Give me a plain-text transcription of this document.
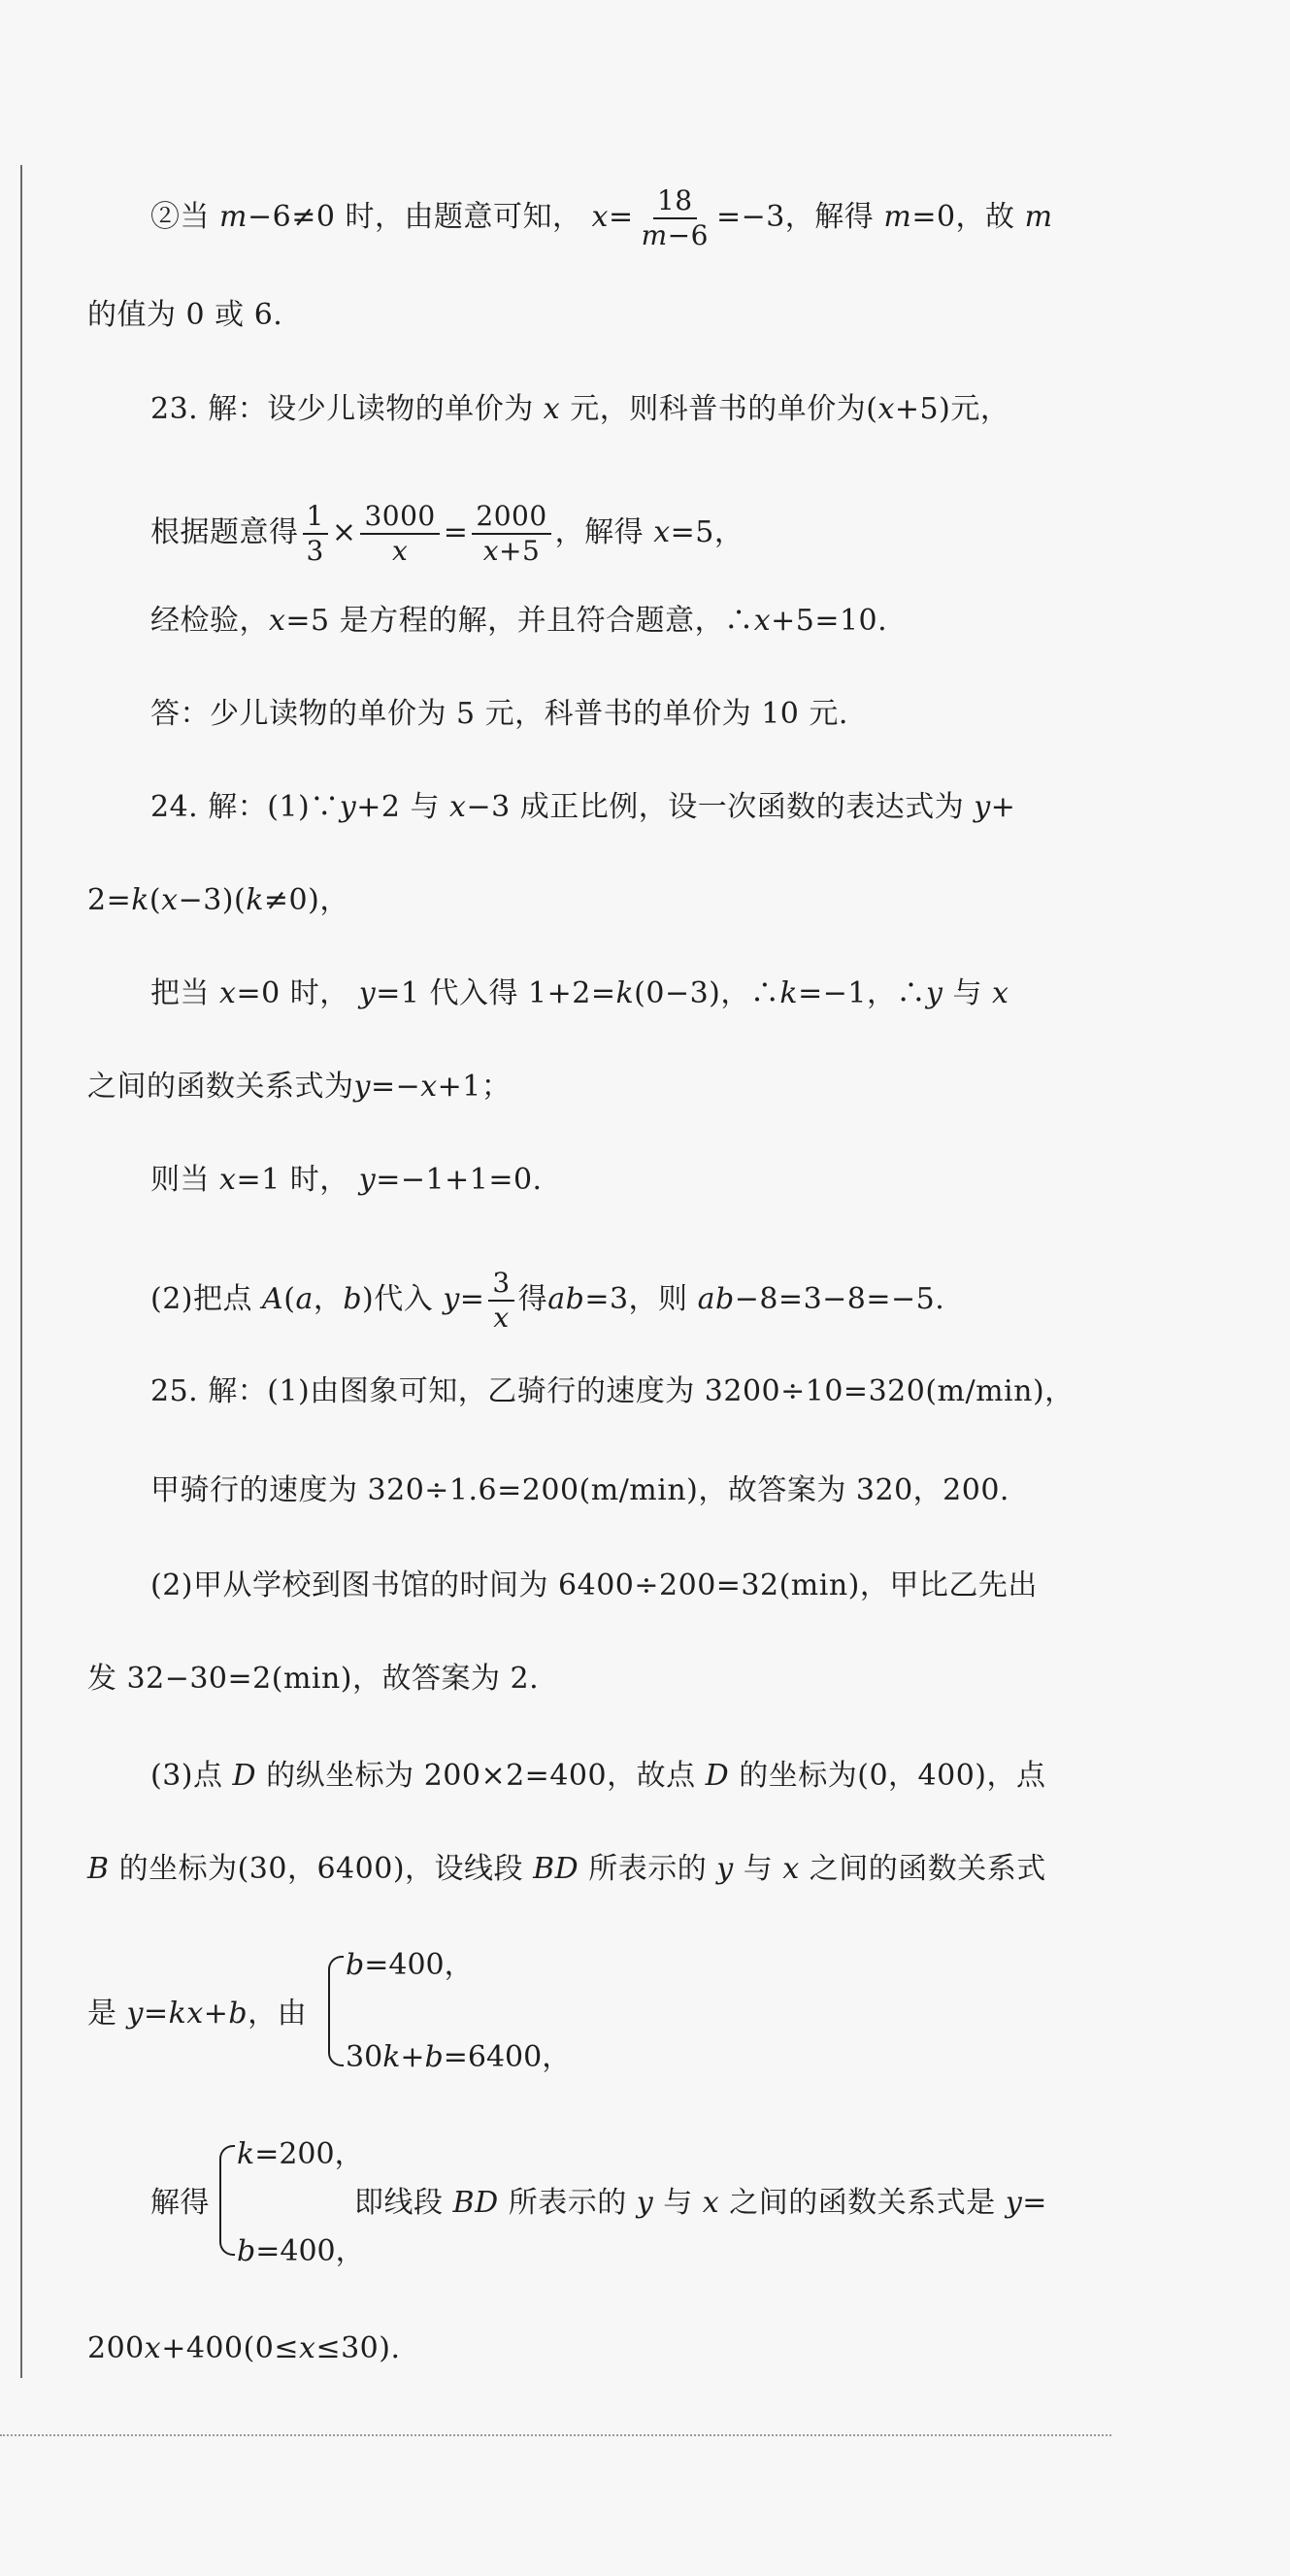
②当 m−6≠0 时，由题意可知， $x= \frac{18}{m-6} =-3$，解得 m=0，故 m
的值为 0 或 6.
23. 解：设少儿读物的单价为 x 元，则科普书的单价为(x+5)元，
根据题意得 $\frac{1}{3} \times \frac{3000}{x} = \frac{2000}{x+5}$ ，解得 x=5，
经检验，x=5 是方程的解，并且符合题意，∴x+5=10.
答：少儿读物的单价为 5 元，科普书的单价为 10 元.
24. 解：(1)∵y+2 与 x−3 成正比例，设一次函数的表达式为 y+
2=k(x−3)(k≠0)，
把当 x=0 时， y=1 代入得 1+2=k(0−3)，∴k=−1，∴y 与 x
之间的函数关系式为y=−x+1；
则当 x=1 时， y=−1+1=0.
(2)把点 A(a，b)代入 $y= \frac{3}{x}$ 得ab=3，则 ab−8=3−8=−5.
25. 解：(1)由图象可知，乙骑行的速度为 3200÷10=320(m/min)，
甲骑行的速度为 320÷1.6=200(m/min)，故答案为 320，200.
(2)甲从学校到图书馆的时间为 6400÷200=32(min)，甲比乙先出
发 32−30=2(min)，故答案为 2.
(3)点 D 的纵坐标为 200×2=400，故点 D 的坐标为(0，400)，点
B 的坐标为(30，6400)，设线段 BD 所表示的 y 与 x 之间的函数关系式
是 y=kx+b，由
b=400，
30k+b=6400，
解得
k=200，
b=400，
即线段 BD 所表示的 y 与 x 之间的函数关系式是 y=
200x+400(0≤x≤30).
